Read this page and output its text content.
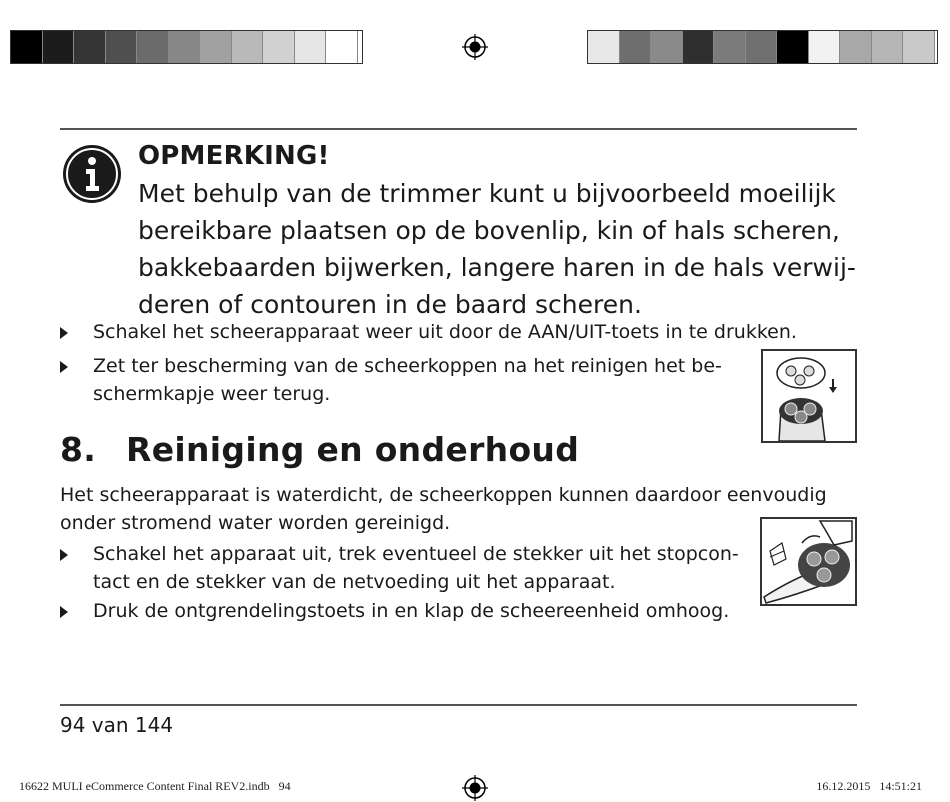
OPMERKING!
Met behulp van de trimmer kunt u bijvoorbeeld moeilijk
bereikbare plaatsen op de bovenlip, kin of hals scheren,
bakkebaarden bijwerken, langere haren in de hals verwij-
deren of contouren in de baard scheren.
Schakel het scheerapparaat weer uit door de AAN/UIT-toets in te drukken.
Zet ter bescherming van de scheerkoppen na het reinigen het be-
schermkapje weer terug.
8. Reiniging en onderhoud
Het scheerapparaat is waterdicht, de scheerkoppen kunnen daardoor eenvoudig
onder stromend water worden gereinigd.
Schakel het apparaat uit, trek eventueel de stekker uit het stopcon-
tact en de stekker van de netvoeding uit het apparaat.
Druk de ontgrendelingstoets in en klap de scheereenheid omhoog.
94 van 144
16622 MULI eCommerce Content Final REV2.indb   94	16.12.2015   14:51:21
